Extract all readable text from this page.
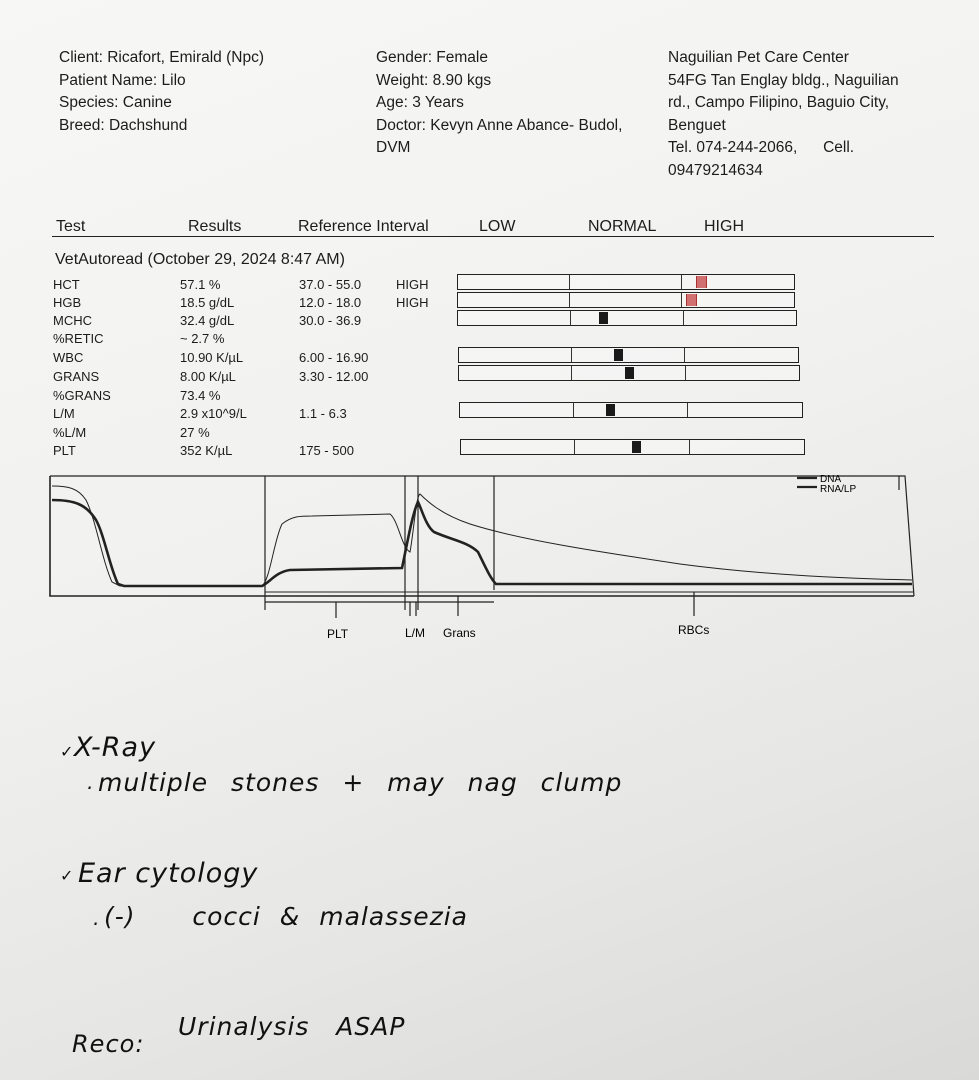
Client: Ricafort, Emirald (Npc)
Patient Name: Lilo
Species: Canine
Breed: Dachshund
Gender: Female
Weight: 8.90 kgs
Age: 3 Years
Doctor: Kevyn Anne Abance- Budol,
DVM
Naguilian Pet Care Center
54FG Tan Englay bldg., Naguilian
rd., Campo Filipino, Baguio City,
Benguet
Tel. 074-244-2066,      Cell.
09479214634
Test	Results	Reference Interval	LOW	NORMAL	HIGH
VetAutoread (October 29, 2024 8:47 AM)
HCT	57.1 %	37.0 - 55.0	HIGH
HGB	18.5 g/dL	12.0 - 18.0	HIGH
MCHC	32.4 g/dL	30.0 - 36.9
%RETIC	~ 2.7 %
WBC	10.90 K/µL	6.00 - 16.90
GRANS	8.00 K/µL	3.30 - 12.00
%GRANS	73.4 %
L/M	2.9 x10^9/L	1.1 - 6.3
%L/M	27 %
PLT	352 K/µL	175 - 500
DNA
RNA/LP
PLT	L/M Grans	RBCs
✓ X-Ray
· multiple stones + may nag clump
✓ Ear cytology
· (-)   cocci & malassezia
Reco:
Urinalysis   ASAP
